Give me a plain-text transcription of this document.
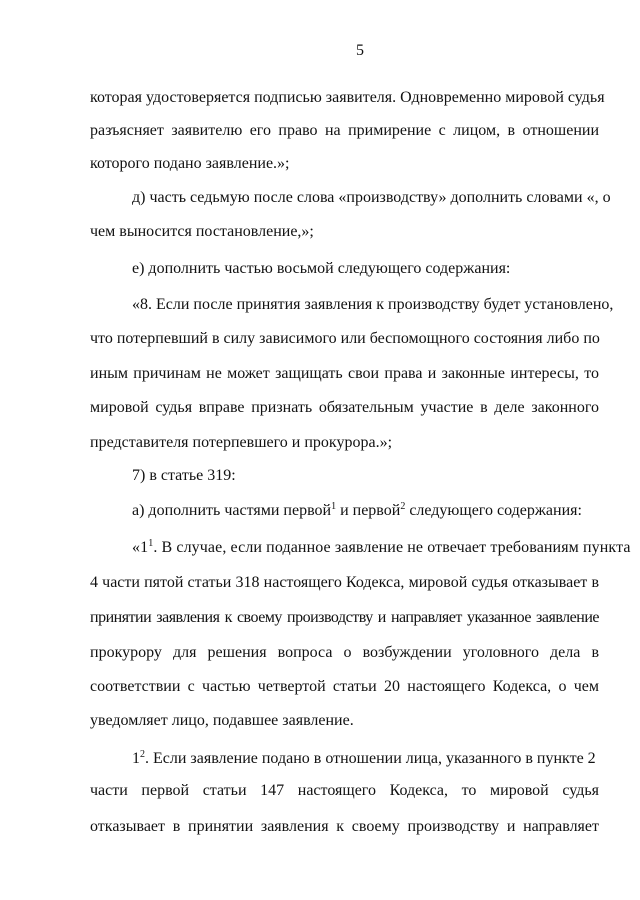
5
которая удостоверяется подписью заявителя. Одновременно мировой судья
разъясняет заявителю его право на примирение с лицом, в отношении
которого подано заявление.»;
д) часть седьмую после слова «производству» дополнить словами «, о
чем выносится постановление,»;
е) дополнить частью восьмой следующего содержания:
«8. Если после принятия заявления к производству будет установлено,
что потерпевший в силу зависимого или беспомощного состояния либо по
иным причинам не может защищать свои права и законные интересы, то
мировой судья вправе признать обязательным участие в деле законного
представителя потерпевшего и прокурора.»;
7) в статье 319:
а) дополнить частями первой$^1$ и первой$^2$ следующего содержания:
«$1^1$. В случае, если поданное заявление не отвечает требованиям пункта
4 части пятой статьи 318 настоящего Кодекса, мировой судья отказывает в
принятии заявления к своему производству и направляет указанное заявление
прокурору для решения вопроса о возбуждении уголовного дела в
соответствии с частью четвертой статьи 20 настоящего Кодекса, о чем
уведомляет лицо, подавшее заявление.
$1^2$. Если заявление подано в отношении лица, указанного в пункте 2
части первой статьи 147 настоящего Кодекса, то мировой судья
отказывает в принятии заявления к своему производству и направляет
